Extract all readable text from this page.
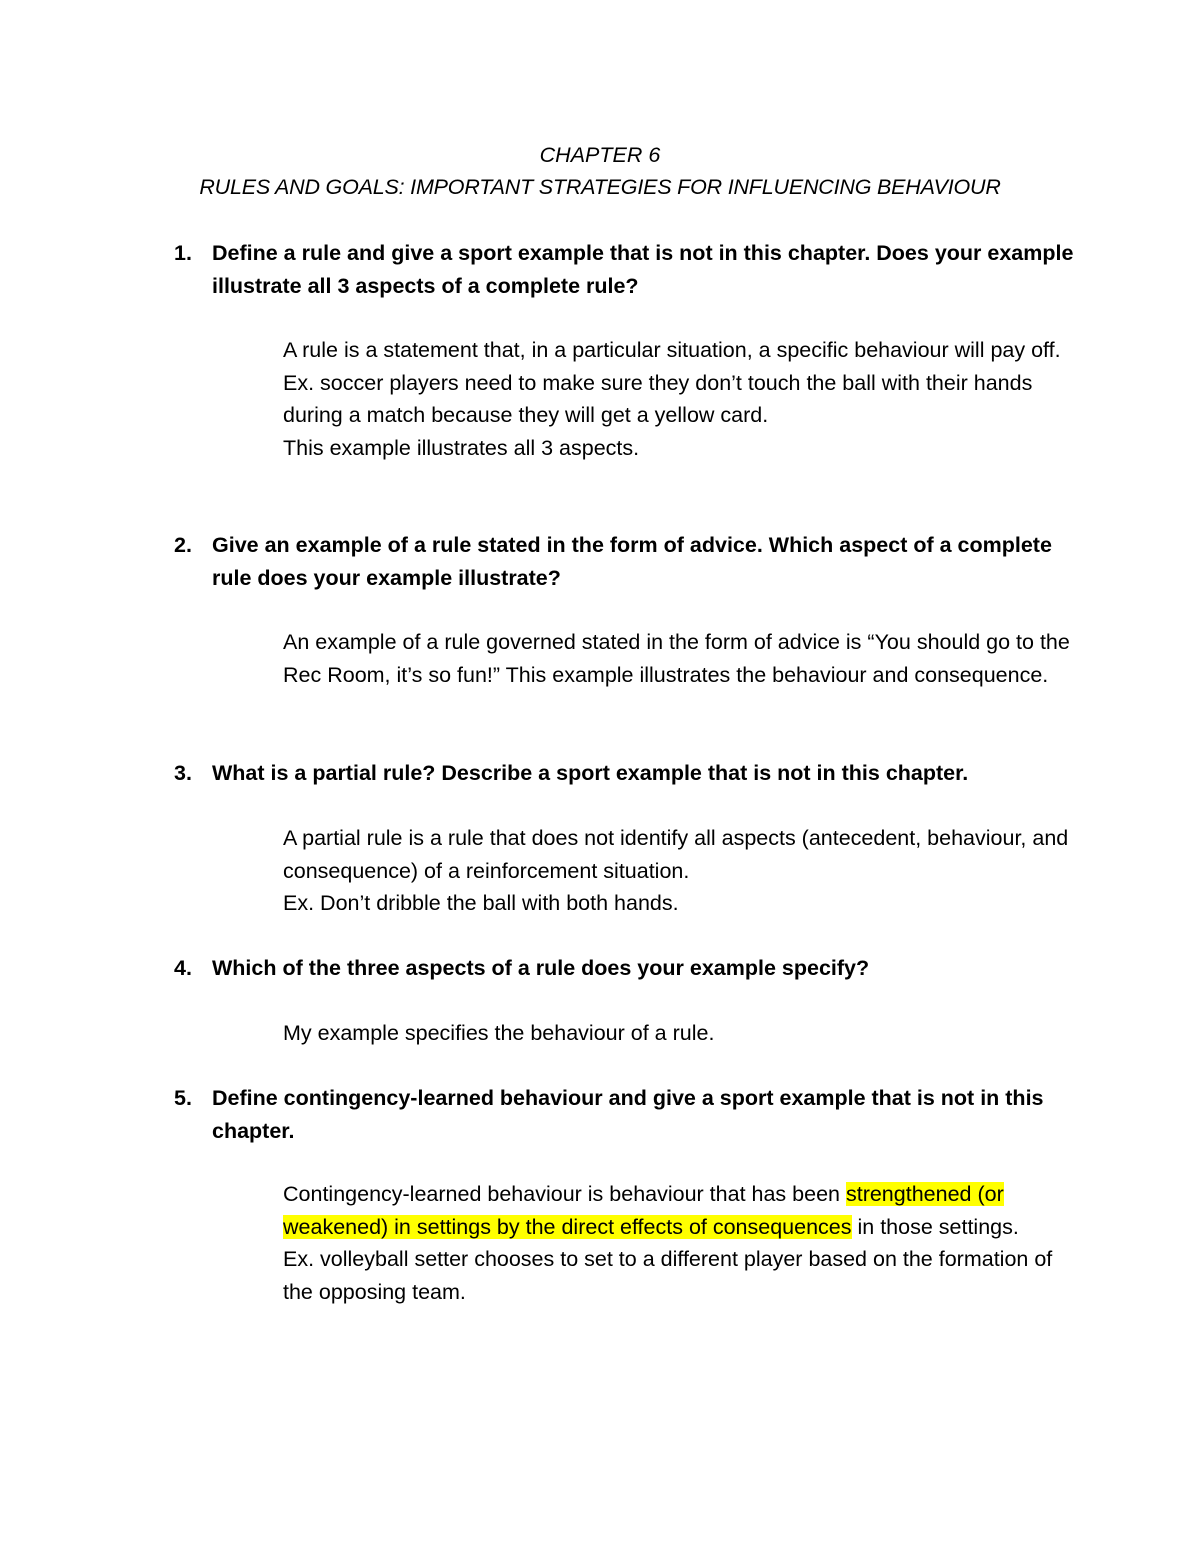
CHAPTER 6
RULES AND GOALS: IMPORTANT STRATEGIES FOR INFLUENCING BEHAVIOUR
1. Define a rule and give a sport example that is not in this chapter. Does your example illustrate all 3 aspects of a complete rule?

A rule is a statement that, in a particular situation, a specific behaviour will pay off.

Ex. soccer players need to make sure they don’t touch the ball with their hands during a match because they will get a yellow card.

This example illustrates all 3 aspects.

2. Give an example of a rule stated in the form of advice. Which aspect of a complete rule does your example illustrate?

An example of a rule governed stated in the form of advice is “You should go to the Rec Room, it’s so fun!” This example illustrates the behaviour and consequence.

3. What is a partial rule? Describe a sport example that is not in this chapter.

A partial rule is a rule that does not identify all aspects (antecedent, behaviour, and consequence) of a reinforcement situation.

Ex. Don’t dribble the ball with both hands.

4. Which of the three aspects of a rule does your example specify?

My example specifies the behaviour of a rule.

5. Define contingency-learned behaviour and give a sport example that is not in this chapter.

Contingency-learned behaviour is behaviour that has been strengthened (or weakened) in settings by the direct effects of consequences in those settings.

Ex. volleyball setter chooses to set to a different player based on the formation of the opposing team.
